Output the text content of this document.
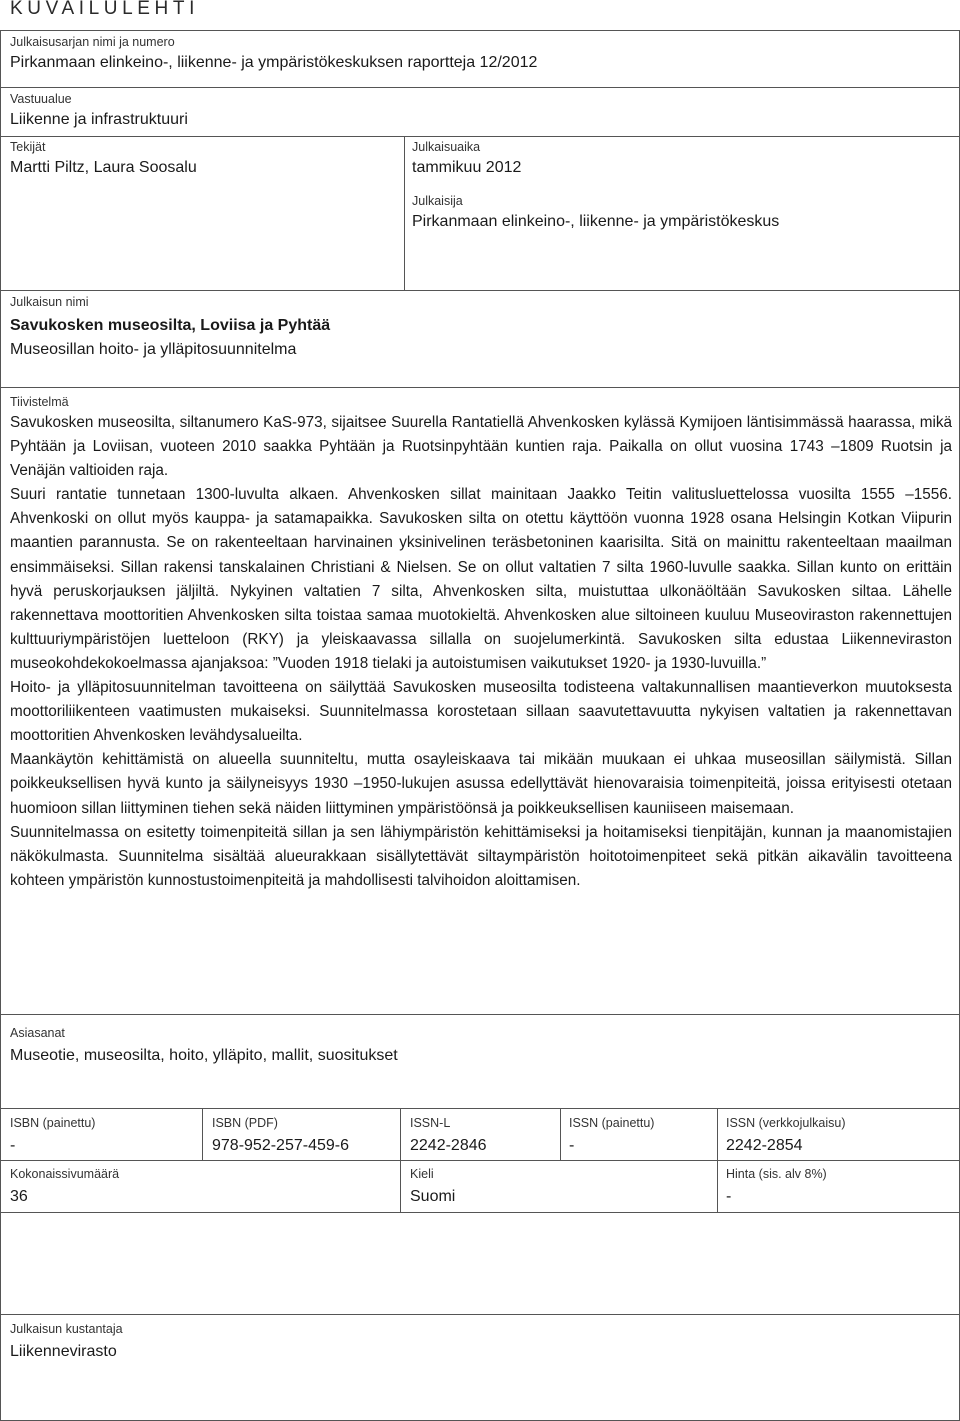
KUVAILULEHTI
Julkaisusarjan nimi ja numero
Pirkanmaan elinkeino-, liikenne- ja ympäristökeskuksen raportteja 12/2012
Vastuualue
Liikenne ja infrastruktuuri
Tekijät
Martti Piltz, Laura Soosalu
Julkaisuaika
tammikuu 2012
Julkaisija
Pirkanmaan elinkeino-, liikenne- ja ympäristökeskus
Julkaisun nimi
Savukosken museosilta, Loviisa ja Pyhtää
Museosillan hoito- ja ylläpitosuunnitelma
Tiivistelmä

Savukosken museosilta, siltanumero KaS-973, sijaitsee Suurella Rantatiellä Ahvenkosken kylässä Kymijoen läntisimmässä haarassa, mikä Pyhtään ja Loviisan, vuoteen 2010 saakka Pyhtään ja Ruotsinpyhtään kuntien raja. Paikalla on ollut vuosina 1743 –1809 Ruotsin ja Venäjän valtioiden raja.

Suuri rantatie tunnetaan 1300-luvulta alkaen. Ahvenkosken sillat mainitaan Jaakko Teitin valitusluettelossa vuosilta 1555 –1556. Ahvenkoski on ollut myös kauppa- ja satamapaikka. Savukosken silta on otettu käyttöön vuonna 1928 osana Helsingin Kotkan Viipurin maantien parannusta. Se on rakenteeltaan harvinainen yksinivelinen teräsbetoninen kaarisilta. Sitä on mainittu rakenteeltaan maailman ensimmäiseksi. Sillan rakensi tanskalainen Christiani & Nielsen. Se on ollut valtatien 7 silta 1960-luvulle saakka. Sillan kunto on erittäin hyvä peruskorjauksen jäljiltä. Nykyinen valtatien 7 silta, Ahvenkosken silta, muistuttaa ulkonäöltään Savukosken siltaa. Lähelle rakennettava moottoritien Ahvenkosken silta toistaa samaa muotokieltä. Ahvenkosken alue siltoineen kuuluu Museoviraston rakennettujen kulttuuriympäristöjen luetteloon (RKY) ja yleiskaavassa sillalla on suojelumerkintä. Savukosken silta edustaa Liikenneviraston museokohdekokoelmassa ajanjaksoa: ”Vuoden 1918 tielaki ja autoistumisen vaikutukset 1920- ja 1930-luvuilla.”

Hoito- ja ylläpitosuunnitelman tavoitteena on säilyttää Savukosken museosilta todisteena valtakunnallisen maantieverkon muutoksesta moottoriliikenteen vaatimusten mukaiseksi. Suunnitelmassa korostetaan sillaan saavutettavuutta nykyisen valtatien ja rakennettavan moottoritien Ahvenkosken levähdysalueilta.

Maankäytön kehittämistä on alueella suunniteltu, mutta osayleiskaava tai mikään muukaan ei uhkaa museosillan säilymistä. Sillan poikkeuksellisen hyvä kunto ja säilyneisyys 1930 –1950-lukujen asussa edellyttävät hienovaraisia toimenpiteitä, joissa erityisesti otetaan huomioon sillan liittyminen tiehen sekä näiden liittyminen ympäristöönsä ja poikkeuksellisen kauniiseen maisemaan.

Suunnitelmassa on esitetty toimenpiteitä sillan ja sen lähiympäristön kehittämiseksi ja hoitamiseksi tienpitäjän, kunnan ja maanomistajien näkökulmasta. Suunnitelma sisältää alueurakkaan sisällytettävät siltaympäristön hoitotoimenpiteet sekä pitkän aikavälin tavoitteena kohteen ympäristön kunnostustoimenpiteitä ja mahdollisesti talvihoidon aloittamisen.

Asiasanat
Museotie, museosilta, hoito, ylläpito, mallit, suositukset
ISBN (painettu)
-
ISBN (PDF)
978-952-257-459-6
ISSN-L
2242-2846
ISSN (painettu)
-
ISSN (verkkojulkaisu)
2242-2854
Kokonaissivumäärä
36
Kieli
Suomi
Hinta (sis. alv 8%)
-
Julkaisun kustantaja
Liikennevirasto
